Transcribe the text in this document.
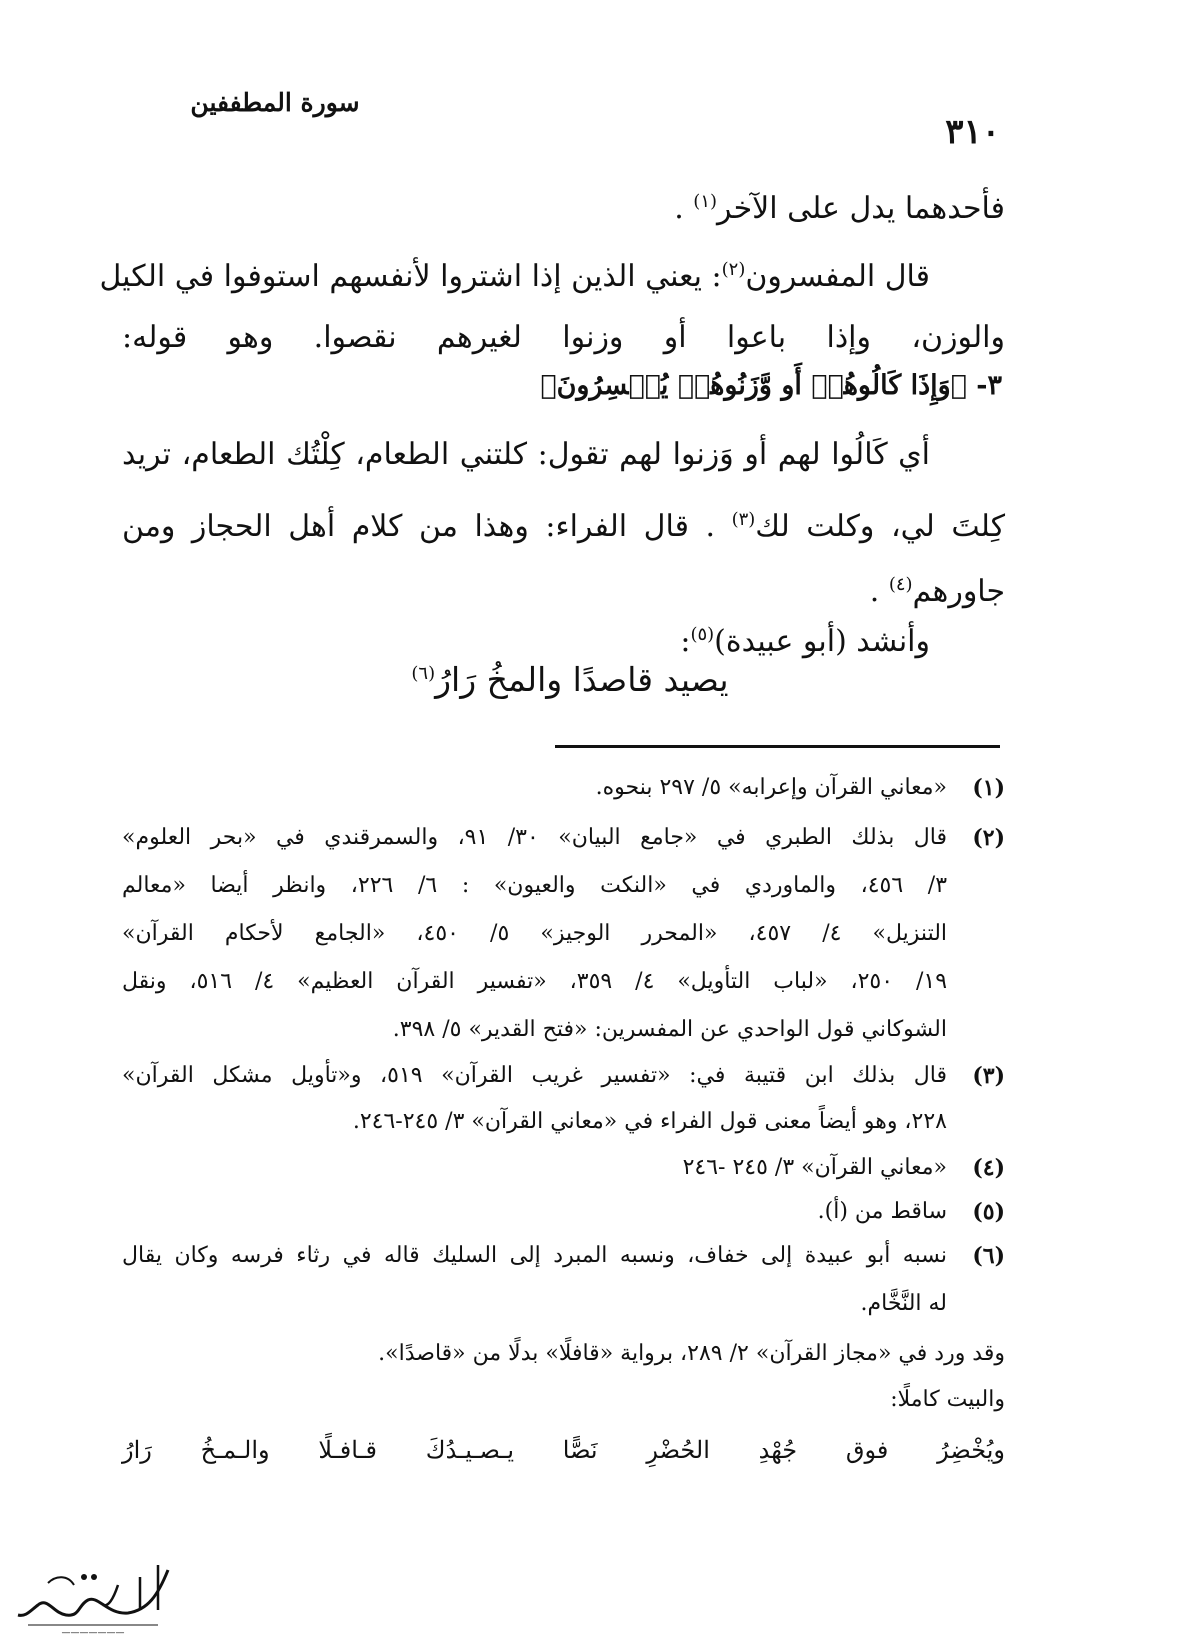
سورة المطففين
٣١٠
فأحدهما يدل على الآخر$^{(١)}$ .
قال المفسرون$^{(٢)}$: يعني الذين إذا اشتروا لأنفسهم استوفوا في الكيل
والوزن، وإذا باعوا أو وزنوا لغيرهم نقصوا. وهو قوله:
٣- ﴿وَإِذَا كَالُوهُمۡ أَو وَّزَنُوهُمۡ يُخۡسِرُونَ﴾
أي كَالُوا لهم أو وَزنوا لهم تقول: كلتني الطعام، كِلْتُك الطعام، تريد
كِلتَ لي، وكلت لك$^{(٣)}$ . قال الفراء: وهذا من كلام أهل الحجاز ومن
جاورهم$^{(٤)}$ .
وأنشد (أبو عبيدة)$^{(٥)}$:
يصيد قاصدًا والمخُ رَارُ$^{(٦)}$
(١)
«معاني القرآن وإعرابه» ٥/ ٢٩٧ بنحوه.
(٢)
قال بذلك الطبري في «جامع البيان» ٣٠/ ٩١، والسمرقندي في «بحر العلوم»
٣/ ٤٥٦، والماوردي في «النكت والعيون» : ٦/ ٢٢٦، وانظر أيضا «معالم
التنزيل» ٤/ ٤٥٧، «المحرر الوجيز» ٥/ ٤٥٠، «الجامع لأحكام القرآن»
١٩/ ٢٥٠، «لباب التأويل» ٤/ ٣٥٩، «تفسير القرآن العظيم» ٤/ ٥١٦، ونقل
الشوكاني قول الواحدي عن المفسرين: «فتح القدير» ٥/ ٣٩٨.
(٣)
قال بذلك ابن قتيبة في: «تفسير غريب القرآن» ٥١٩، و«تأويل مشكل القرآن»
٢٢٨، وهو أيضاً معنى قول الفراء في «معاني القرآن» ٣/ ٢٤٥-٢٤٦.
(٤)
«معاني القرآن» ٣/ ٢٤٥ -٢٤٦
(٥)
ساقط من (أ).
(٦)
نسبه أبو عبيدة إلى خفاف، ونسبه المبرد إلى السليك قاله في رثاء فرسه وكان يقال
له النَّخَّام.
وقد ورد في «مجاز القرآن» ٢/ ٢٨٩، برواية «قافلًا» بدلًا من «قاصدًا».
والبيت كاملًا:
ويُخْضِرُ فوق جُهْدِ الحُضْرِ نَصًّا يـصـيـدُكَ قـافـلًا والـمـخُ رَارُ
———————
